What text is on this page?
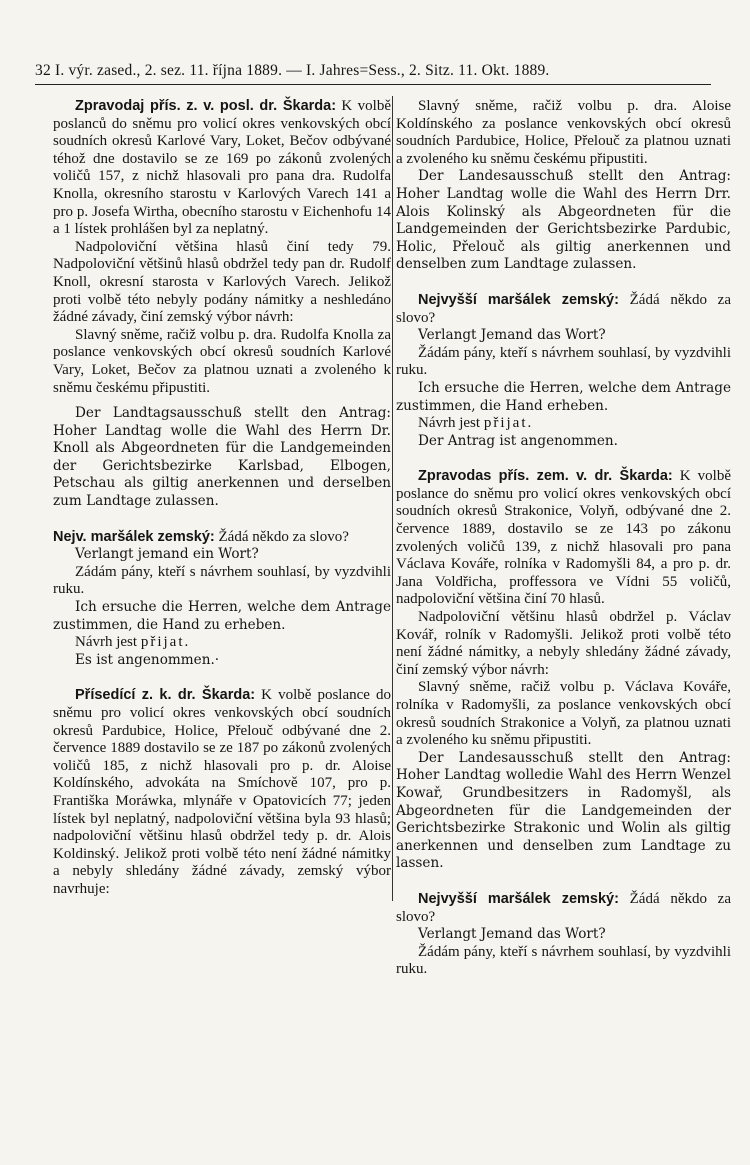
32 I. výr. zased., 2. sez. 11. října 1889. — I. Jahres=Sess., 2. Sitz. 11. Okt. 1889.

Zpravodaj přís. z. v. posl. dr. Škarda: K volbě poslanců do sněmu pro volicí okres venkovských obcí soudních okresů Karlové Vary, Loket, Bečov odbývané téhož dne dostavilo se ze 169 po zákonů zvolených voličů 157, z nichž hlasovali pro pana dra. Rudolfa Knolla, okresního starostu v Karlových Varech 141 a pro p. Josefa Wirtha, obecního starostu v Eichenhofu 14 a 1 lístek prohlášen byl za neplatný.

Nadpoloviční většina hlasů činí tedy 79. Nadpoloviční většinů hlasů obdržel tedy pan dr. Rudolf Knoll, okresní starosta v Karlových Varech. Jelikož proti volbě této nebyly podány námitky a neshledáno žádné závady, činí zemský výbor návrh:

Slavný sněme, račiž volbu p. dra. Rudolfa Knolla za poslance venkovských obcí okresů soudních Karlové Vary, Loket, Bečov za platnou uznati a zvoleného k sněmu českému připustiti.

Der Landtagsausschuß stellt den Antrag: Hoher Landtag wolle die Wahl des Herrn Dr. Knoll als Abgeordneten für die Landgemeinden der Gerichtsbezirke Karlsbad, Elbogen, Petschau als giltig anerkennen und derselben zum Landtage zulassen.

Nejv. maršálek zemský: Žádá někdo za slovo?

Verlangt jemand ein Wort?

Zádám pány, kteří s návrhem souhlasí, by vyzdvihli ruku.

Ich ersuche die Herren, welche dem Antrage zustimmen, die Hand zu erheben.

Návrh jest přijat.

Es ist angenommen.·

Přísedící z. k. dr. Škarda: K volbě poslance do sněmu pro volicí okres venkovských obcí soudních okresů Pardubice, Holice, Přelouč odbývané dne 2. července 1889 dostavilo se ze 187 po zákonů zvolených voličů 185, z nichž hlasovali pro p. dr. Aloise Koldínského, advokáta na Smíchově 107, pro p. Františka Moráwka, mlynáře v Opatovicích 77; jeden lístek byl neplatný, nadpoloviční většina byla 93 hlasů; nadpoloviční většinu hlasů obdržel tedy p. dr. Alois Koldinský. Jelikož proti volbě této není žádné námitky a nebyly shledány žádné závady, zemský výbor navrhuje:

Slavný sněme, račiž volbu p. dra. Aloise Koldínského za poslance venkovských obcí okresů soudních Pardubice, Holice, Přelouč za platnou uznati a zvoleného ku sněmu českému připustiti.

Der Landesausschuß stellt den Antrag: Hoher Landtag wolle die Wahl des Herrn Drr. Alois Kolinský als Abgeordneten für die Landgemeinden der Gerichtsbezirke Pardubic, Holic, Přelouč als giltig anerkennen und denselben zum Landtage zulassen.

Nejvyšší maršálek zemský: Žádá někdo za slovo?

Verlangt Jemand das Wort?

Žádám pány, kteří s návrhem souhlasí, by vyzdvihli ruku.

Ich ersuche die Herren, welche dem Antrage zustimmen, die Hand erheben.

Návrh jest přijat.

Der Antrag ist angenommen.

Zpravodas přís. zem. v. dr. Škarda: K volbě poslance do sněmu pro volicí okres venkovských obcí soudních okresů Strakonice, Volyň, odbývané dne 2. července 1889, dostavilo se ze 143 po zákonu zvolených voličů 139, z nichž hlasovali pro pana Václava Kováře, rolníka v Radomyšli 84, a pro p. dr. Jana Voldřicha, proffessora ve Vídni 55 voličů, nadpoloviční většina činí 70 hlasů.

Nadpoloviční většinu hlasů obdržel p. Václav Kovář, rolník v Radomyšli. Jelikož proti volbě této není žádné námitky, a nebyly shledány žádné závady, činí zemský výbor návrh:

Slavný sněme, račiž volbu p. Václava Kováře, rolníka v Radomyšli, za poslance venkovských obcí okresů soudních Strakonice a Volyň, za platnou uznati a zvoleného ku sněmu připustiti.

Der Landesausschuß stellt den Antrag: Hoher Landtag wolledie Wahl des Herrn Wenzel Kowař, Grundbesitzers in Radomyšl, als Abgeordneten für die Landgemeinden der Gerichtsbezirke Strakonic und Wolin als giltig anerkennen und denselben zum Landtage zu lassen.

Nejvyšší maršálek zemský: Žádá někdo za slovo?

Verlangt Jemand das Wort?

Žádám pány, kteří s návrhem souhlasí, by vyzdvihli ruku.
